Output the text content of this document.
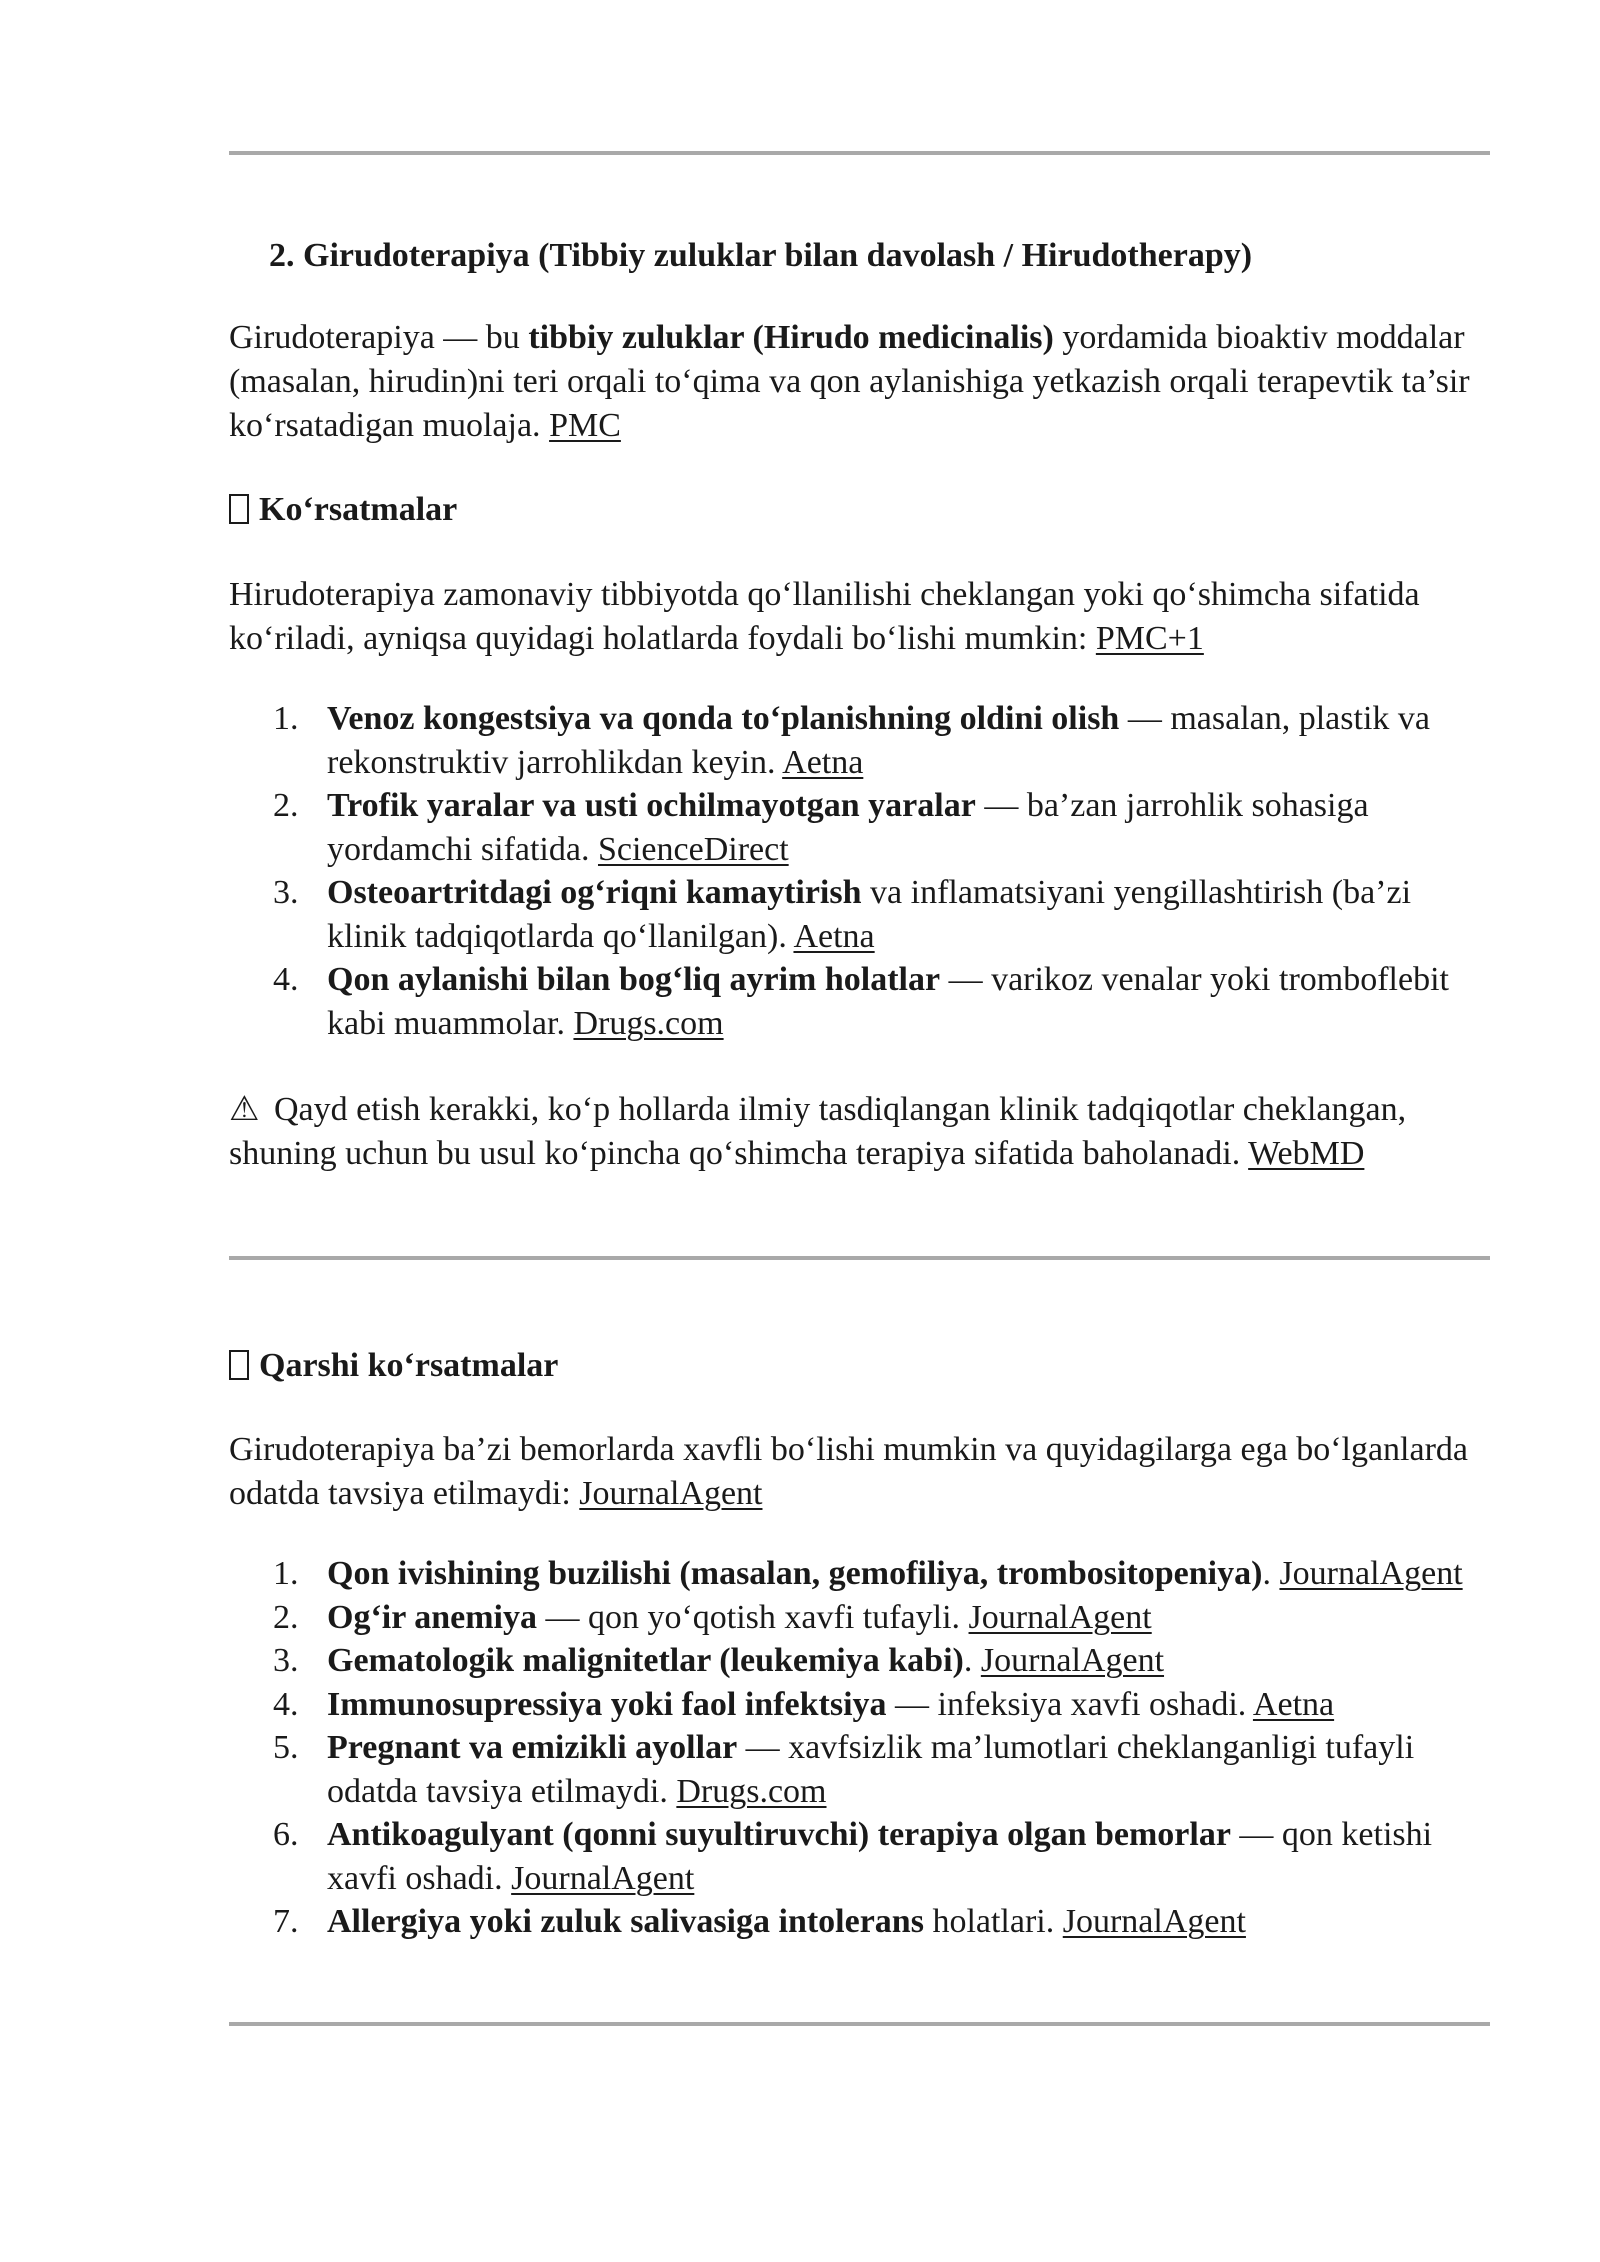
2. Girudoterapiya (Tibbiy zuluklar bilan davolash / Hirudotherapy)

Girudoterapiya — bu tibbiy zuluklar (Hirudo medicinalis) yordamida bioaktiv moddalar (masalan, hirudin)ni teri orqali to‘qima va qon aylanishiga yetkazish orqali terapevtik ta’sir ko‘rsatadigan muolaja. PMC

Ko‘rsatmalar

Hirudoterapiya zamonaviy tibbiyotda qo‘llanilishi cheklangan yoki qo‘shimcha sifatida ko‘riladi, ayniqsa quyidagi holatlarda foydali bo‘lishi mumkin: PMC+1

1. Venoz kongestsiya va qonda to‘planishning oldini olish — masalan, plastik va rekonstruktiv jarrohlikdan keyin. Aetna
2. Trofik yaralar va usti ochilmayotgan yaralar — ba’zan jarrohlik sohasiga yordamchi sifatida. ScienceDirect
3. Osteoartritdagi og‘riqni kamaytirish va inflamatsiyani yengillashtirish (ba’zi klinik tadqiqotlarda qo‘llanilgan). Aetna
4. Qon aylanishi bilan bog‘liq ayrim holatlar — varikoz venalar yoki tromboflebit kabi muammolar. Drugs.com

⚠ Qayd etish kerakki, ko‘p hollarda ilmiy tasdiqlangan klinik tadqiqotlar cheklangan, shuning uchun bu usul ko‘pincha qo‘shimcha terapiya sifatida baholanadi. WebMD

Qarshi ko‘rsatmalar

Girudoterapiya ba’zi bemorlarda xavfli bo‘lishi mumkin va quyidagilarga ega bo‘lganlarda odatda tavsiya etilmaydi: JournalAgent

1. Qon ivishining buzilishi (masalan, gemofiliya, trombositopeniya). JournalAgent
2. Og‘ir anemiya — qon yo‘qotish xavfi tufayli. JournalAgent
3. Gematologik malignitetlar (leukemiya kabi). JournalAgent
4. Immunosupressiya yoki faol infektsiya — infeksiya xavfi oshadi. Aetna
5. Pregnant va emizikli ayollar — xavfsizlik ma’lumotlari cheklanganligi tufayli odatda tavsiya etilmaydi. Drugs.com
6. Antikoagulyant (qonni suyultiruvchi) terapiya olgan bemorlar — qon ketishi xavfi oshadi. JournalAgent
7. Allergiya yoki zuluk salivasiga intolerans holatlari. JournalAgent
